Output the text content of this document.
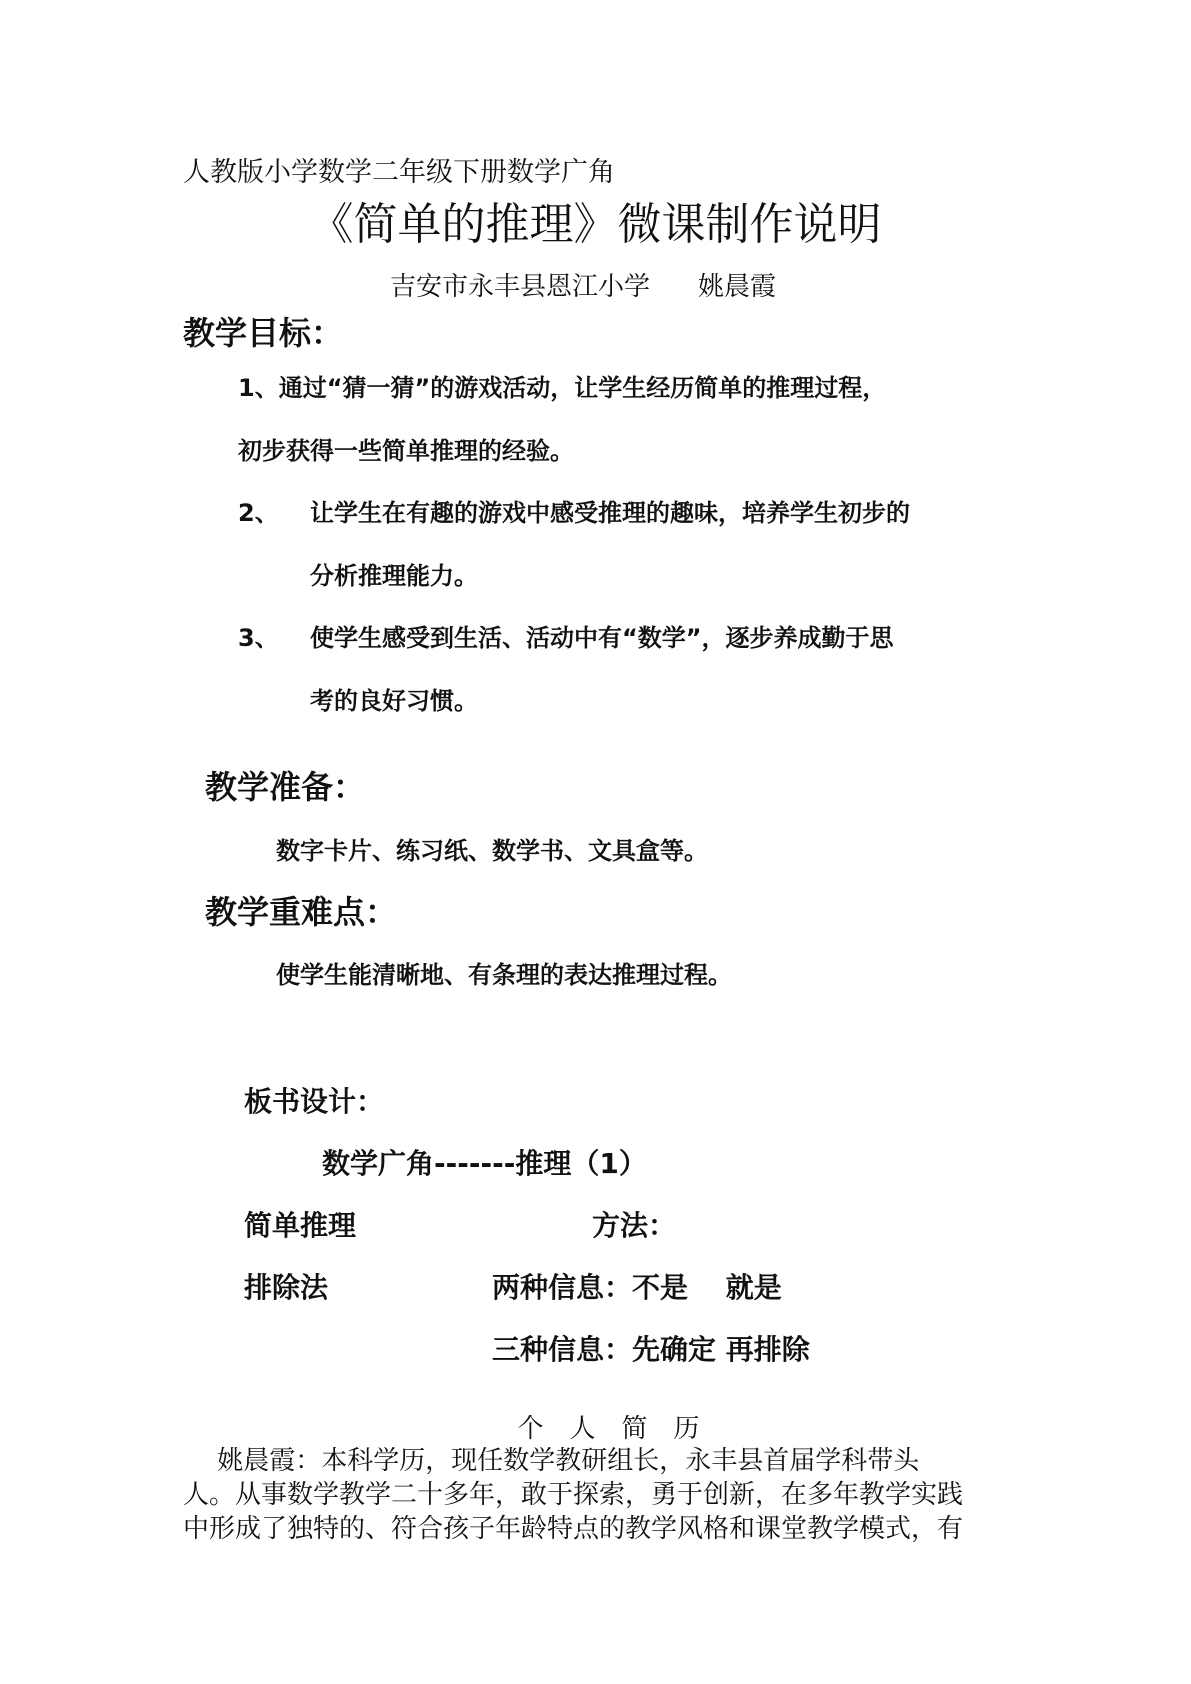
人教版小学数学二年级下册数学广角
《简单的推理》微课制作说明
吉安市永丰县恩江小学 姚晨霞
教学目标：
1、通过“猜一猜”的游戏活动，让学生经历简单的推理过程，
初步获得一些简单推理的经验。
2、 让学生在有趣的游戏中感受推理的趣味，培养学生初步的
分析推理能力。
3、 使学生感受到生活、活动中有“数学”，逐步养成勤于思
考的良好习惯。
教学准备：
数字卡片、练习纸、数学书、文具盒等。
教学重难点：
使学生能清晰地、有条理的表达推理过程。
板书设计：
数学广角-------推理（1）
简单推理	方法：
排除法	两种信息：不是　 就是
三种信息：先确定 再排除
个人简历
　 姚晨霞：本科学历，现任数学教研组长，永丰县首届学科带头
人。从事数学教学二十多年，敢于探索，勇于创新，在多年教学实践
中形成了独特的、符合孩子年龄特点的教学风格和课堂教学模式，有
